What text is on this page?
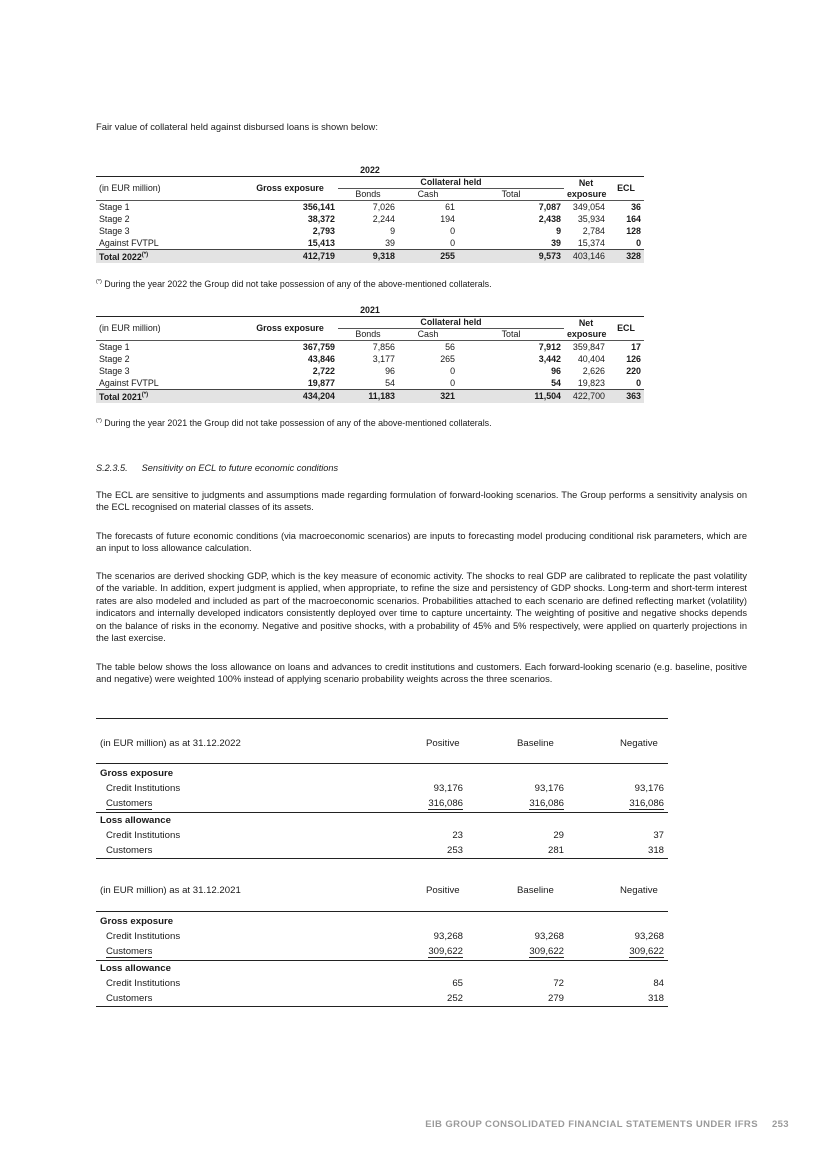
Fair value of collateral held against disbursed loans is shown below:
2022						
(in EUR million)	Gross exposure	Collateral held			Net	ECL
		Bonds	Cash	Total	exposure	
Stage 1	356,141	7,026	61	7,087	349,054	36
Stage 2	38,372	2,244	194	2,438	35,934	164
Stage 3	2,793	9	0	9	2,784	128
Against FVTPL	15,413	39	0	39	15,374	0
Total 2022(*)	412,719	9,318	255	9,573	403,146	328
(*) During the year 2022 the Group did not take possession of any of the above-mentioned collaterals.
2021						
(in EUR million)	Gross exposure	Collateral held			Net	ECL
		Bonds	Cash	Total	exposure	
Stage 1	367,759	7,856	56	7,912	359,847	17
Stage 2	43,846	3,177	265	3,442	40,404	126
Stage 3	2,722	96	0	96	2,626	220
Against FVTPL	19,877	54	0	54	19,823	0
Total 2021(*)	434,204	11,183	321	11,504	422,700	363
(*) During the year 2021 the Group did not take possession of any of the above-mentioned collaterals.
S.2.3.5. Sensitivity on ECL to future economic conditions

The ECL are sensitive to judgments and assumptions made regarding formulation of forward-looking scenarios. The Group performs a sensitivity analysis on the ECL recognised on material classes of its assets.

The forecasts of future economic conditions (via macroeconomic scenarios) are inputs to forecasting model producing conditional risk parameters, which are an input to loss allowance calculation.

The scenarios are derived shocking GDP, which is the key measure of economic activity. The shocks to real GDP are calibrated to replicate the past volatility of the variable. In addition, expert judgment is applied, when appropriate, to refine the size and persistency of GDP shocks. Long-term and short-term interest rates are also modeled and included as part of the macroeconomic scenarios. Probabilities attached to each scenario are defined reflecting market (volatility) indicators and internally developed indicators consistently deployed over time to capture uncertainty. The weighting of positive and negative shocks depends on the balance of risks in the economy. Negative and positive shocks, with a probability of 45% and 5% respectively, were applied on quarterly projections in the last exercise.

The table below shows the loss allowance on loans and advances to credit institutions and customers. Each forward-looking scenario (e.g. baseline, positive and negative) were weighted 100% instead of applying scenario probability weights across the three scenarios.

(in EUR million) as at 31.12.2022	Positive	Baseline	Negative
Gross exposure
Credit Institutions	93,176	93,176	93,176
Customers	316,086	316,086	316,086
Loss allowance
Credit Institutions	23	29	37
Customers	253	281	318
(in EUR million) as at 31.12.2021	Positive	Baseline	Negative
Gross exposure
Credit Institutions	93,268	93,268	93,268
Customers	309,622	309,622	309,622
Loss allowance
Credit Institutions	65	72	84
Customers	252	279	318
EIB GROUP CONSOLIDATED FINANCIAL STATEMENTS UNDER IFRS 253
